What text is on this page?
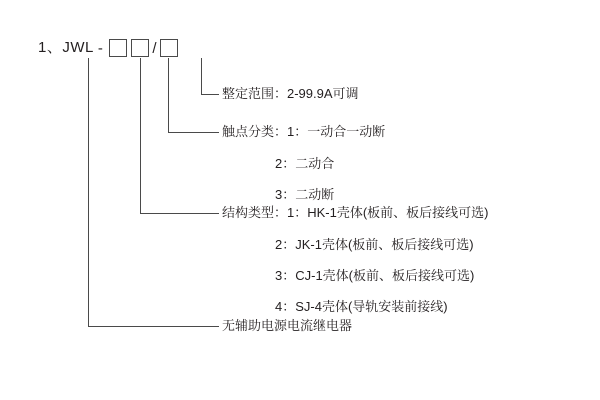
1、 JWL -	/
整定范围：2-99.9A可调
触点分类：1：一动合一动断
2：二动合
3：二动断
结构类型：1：HK-1壳体(板前、板后接线可选)
2：JK-1壳体(板前、板后接线可选)
3：CJ-1壳体(板前、板后接线可选)
4：SJ-4壳体(导轨安装前接线)
无辅助电源电流继电器
